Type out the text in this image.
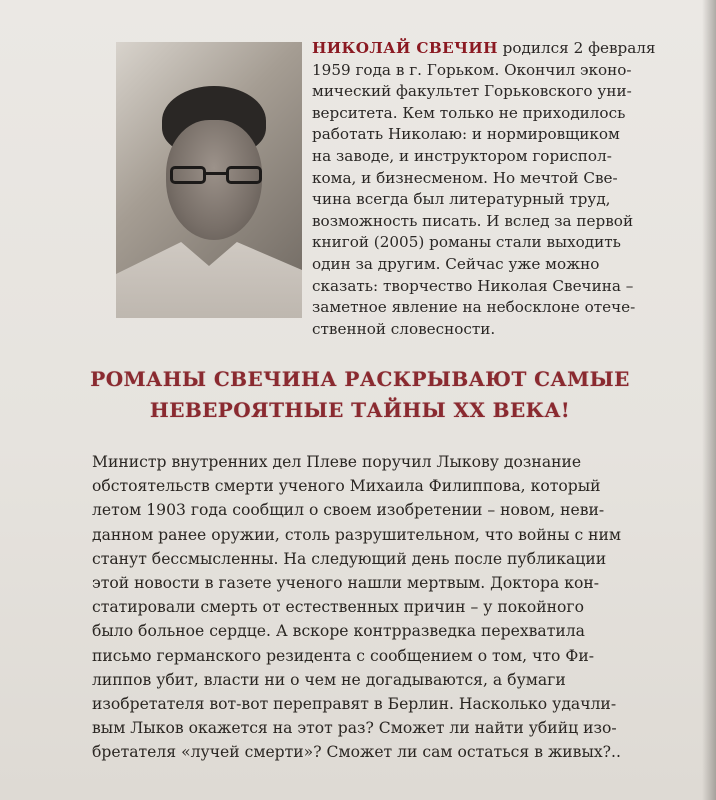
НИКОЛАЙ СВЕЧИН родился 2 февраля
1959 года в г. Горьком. Окончил эконо-
мический факультет Горьковского уни-
верситета. Кем только не приходилось
работать Николаю: и нормировщиком
на заводе, и инструктором гориспол-
кома, и бизнесменом. Но мечтой Све-
чина всегда был литературный труд,
возможность писать. И вслед за первой
книгой (2005) романы стали выходить
один за другим. Сейчас уже можно
сказать: творчество Николая Свечина –
заметное явление на небосклоне отече-
ственной словесности.
РОМАНЫ СВЕЧИНА РАСКРЫВАЮТ САМЫЕ
НЕВЕРОЯТНЫЕ ТАЙНЫ ХХ ВЕКА!
Министр внутренних дел Плеве поручил Лыкову дознание
обстоятельств смерти ученого Михаила Филиппова, который
летом 1903 года сообщил о своем изобретении – новом, неви-
данном ранее оружии, столь разрушительном, что войны с ним
станут бессмысленны. На следующий день после публикации
этой новости в газете ученого нашли мертвым. Доктора кон-
статировали смерть от естественных причин – у покойного
было больное сердце. А вскоре контрразведка перехватила
письмо германского резидента с сообщением о том, что Фи-
липпов убит, власти ни о чем не догадываются, а бумаги
изобретателя вот-вот переправят в Берлин. Насколько удачли-
вым Лыков окажется на этот раз? Сможет ли найти убийц изо-
бретателя «лучей смерти»? Сможет ли сам остаться в живых?..
